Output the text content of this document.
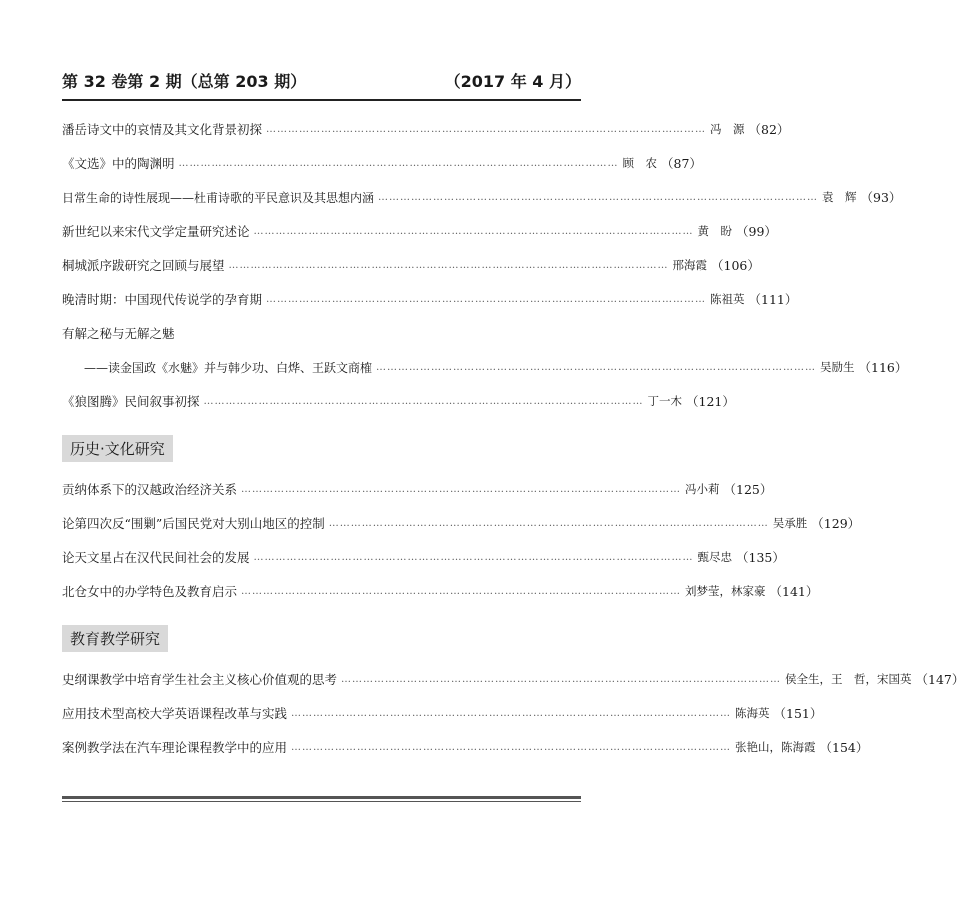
第 32 卷第 2 期（总第 203 期）	（2017 年 4 月）
潘岳诗文中的哀情及其文化背景初探 ………………………………………………………………………………………………………… 冯　源 （82）
《文选》中的陶渊明 ………………………………………………………………………………………………………… 顾　农 （87）
日常生命的诗性展现——杜甫诗歌的平民意识及其思想内涵 ………………………………………………………………………………………………………… 袁　辉 （93）
新世纪以来宋代文学定量研究述论 ………………………………………………………………………………………………………… 黄　盼 （99）
桐城派序跋研究之回顾与展望 ………………………………………………………………………………………………………… 邢海霞 （106）
晚清时期：中国现代传说学的孕育期 ………………………………………………………………………………………………………… 陈祖英 （111）
有解之秘与无解之魅
——读金国政《水魅》并与韩少功、白烨、王跃文商榷 ………………………………………………………………………………………………………… 吴励生 （116）
《狼图腾》民间叙事初探 ………………………………………………………………………………………………………… 丁一木 （121）
历史·文化研究
贡纳体系下的汉越政治经济关系 ………………………………………………………………………………………………………… 冯小莉 （125）
论第四次反“围剿”后国民党对大别山地区的控制 ………………………………………………………………………………………………………… 吴承胜 （129）
论天文星占在汉代民间社会的发展 ………………………………………………………………………………………………………… 甄尽忠 （135）
北仓女中的办学特色及教育启示 ………………………………………………………………………………………………………… 刘梦莹，林家豪 （141）
教育教学研究
史纲课教学中培育学生社会主义核心价值观的思考 ………………………………………………………………………………………………………… 侯全生，王　哲，宋国英 （147）
应用技术型高校大学英语课程改革与实践 ………………………………………………………………………………………………………… 陈海英 （151）
案例教学法在汽车理论课程教学中的应用 ………………………………………………………………………………………………………… 张艳山，陈海霞 （154）
